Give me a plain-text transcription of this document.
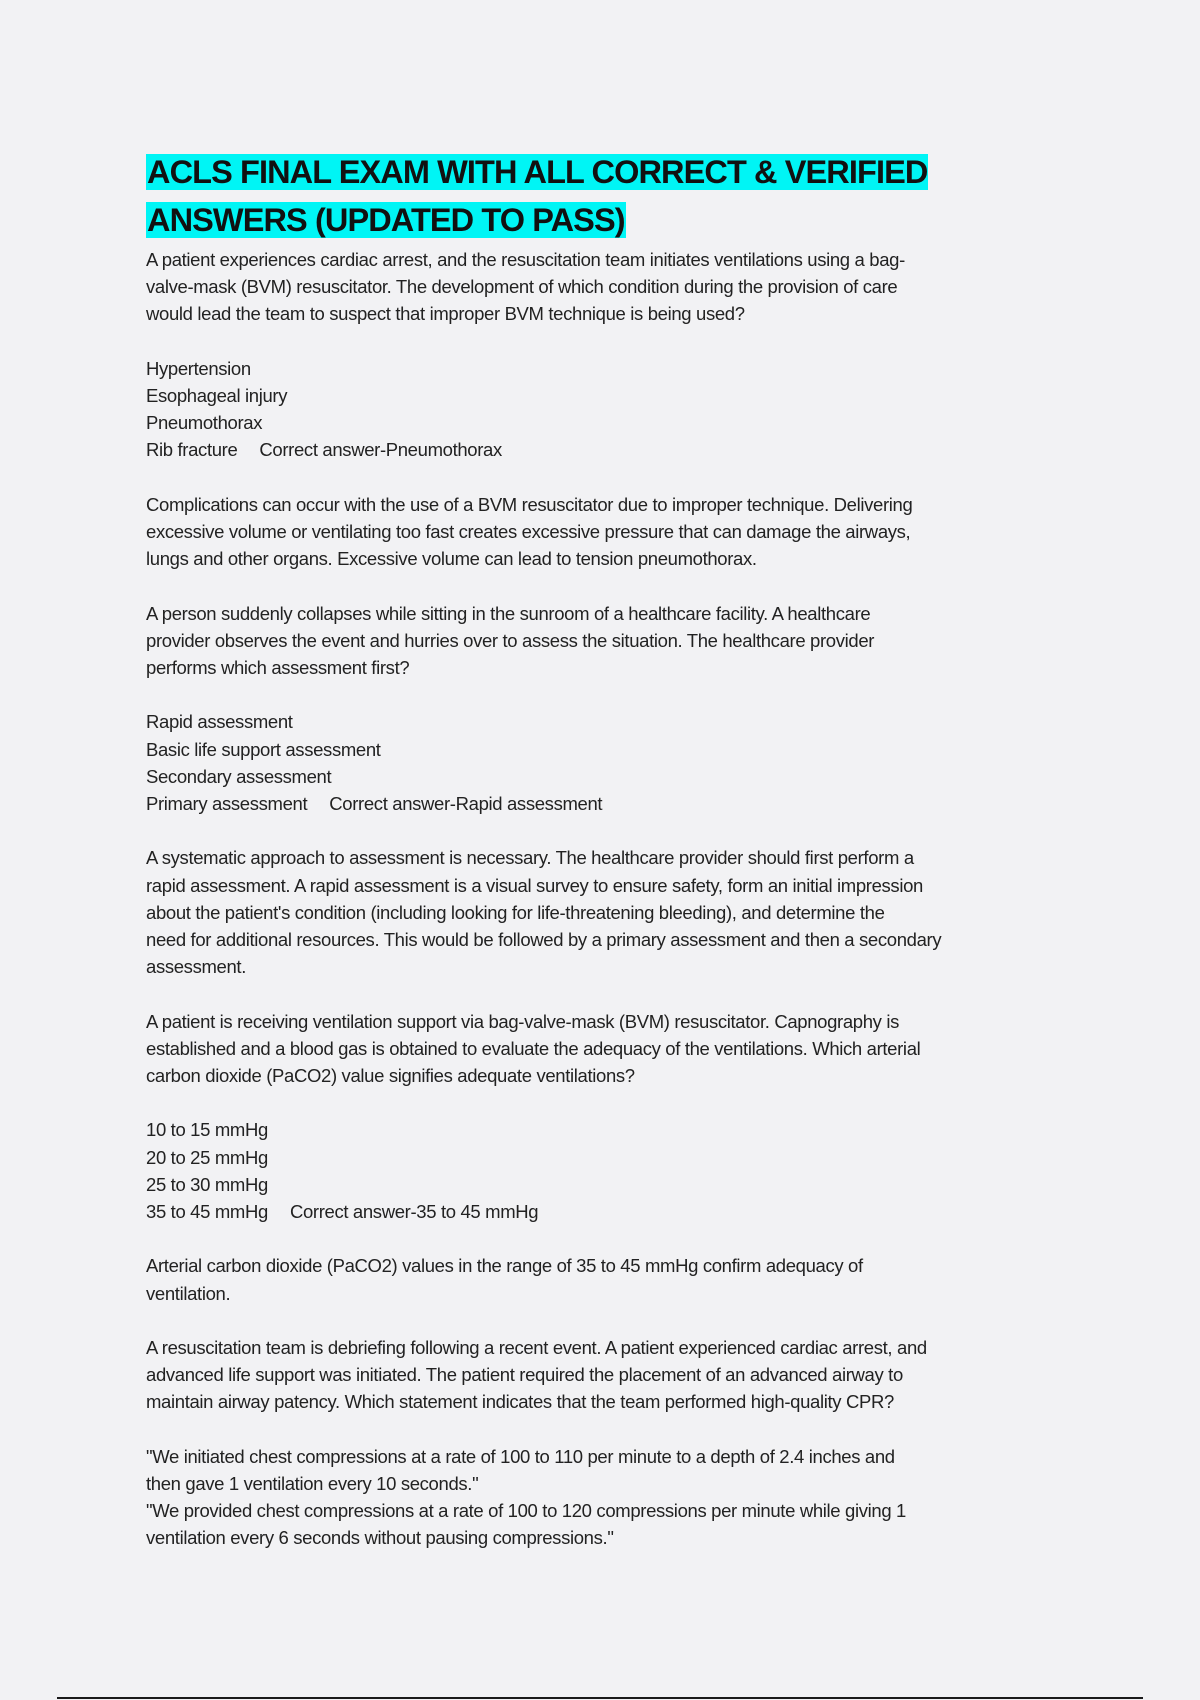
ACLS FINAL EXAM WITH ALL CORRECT & VERIFIED
ANSWERS (UPDATED TO PASS)

A patient experiences cardiac arrest, and the resuscitation team initiates ventilations using a bag-
valve-mask (BVM) resuscitator. The development of which condition during the provision of care
would lead the team to suspect that improper BVM technique is being used?

Hypertension
Esophageal injury
Pneumothorax
Rib fracture Correct answer-Pneumothorax

Complications can occur with the use of a BVM resuscitator due to improper technique. Delivering
excessive volume or ventilating too fast creates excessive pressure that can damage the airways,
lungs and other organs. Excessive volume can lead to tension pneumothorax.

A person suddenly collapses while sitting in the sunroom of a healthcare facility. A healthcare
provider observes the event and hurries over to assess the situation. The healthcare provider
performs which assessment first?

Rapid assessment
Basic life support assessment
Secondary assessment
Primary assessment Correct answer-Rapid assessment

A systematic approach to assessment is necessary. The healthcare provider should first perform a
rapid assessment. A rapid assessment is a visual survey to ensure safety, form an initial impression
about the patient's condition (including looking for life-threatening bleeding), and determine the
need for additional resources. This would be followed by a primary assessment and then a secondary
assessment.

A patient is receiving ventilation support via bag-valve-mask (BVM) resuscitator. Capnography is
established and a blood gas is obtained to evaluate the adequacy of the ventilations. Which arterial
carbon dioxide (PaCO2) value signifies adequate ventilations?

10 to 15 mmHg
20 to 25 mmHg
25 to 30 mmHg
35 to 45 mmHg Correct answer-35 to 45 mmHg

Arterial carbon dioxide (PaCO2) values in the range of 35 to 45 mmHg confirm adequacy of
ventilation.

A resuscitation team is debriefing following a recent event. A patient experienced cardiac arrest, and
advanced life support was initiated. The patient required the placement of an advanced airway to
maintain airway patency. Which statement indicates that the team performed high-quality CPR?

"We initiated chest compressions at a rate of 100 to 110 per minute to a depth of 2.4 inches and
then gave 1 ventilation every 10 seconds."
"We provided chest compressions at a rate of 100 to 120 compressions per minute while giving 1
ventilation every 6 seconds without pausing compressions."
